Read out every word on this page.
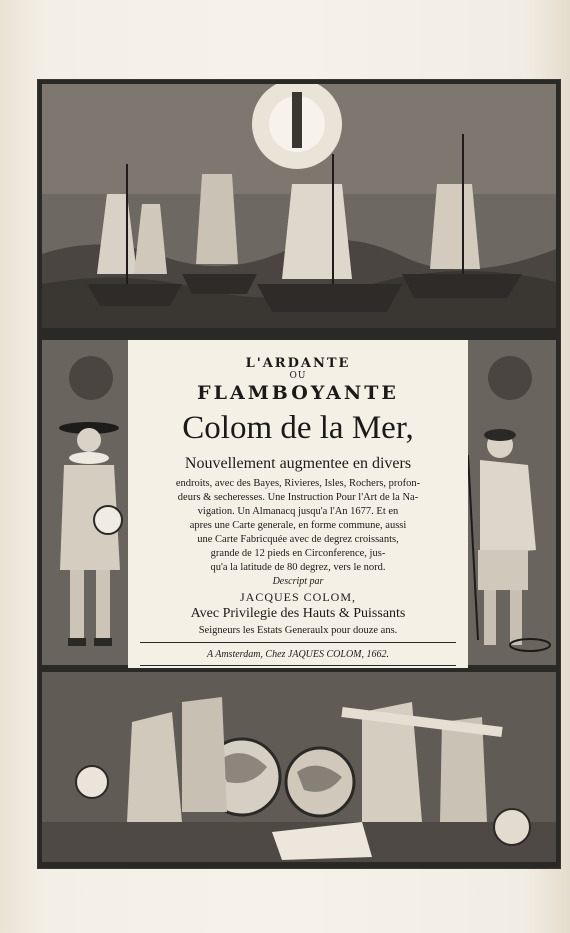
L'ARDANTE
OU
FLAMBOYANTE
Colom de la Mer,
Nouvellement augmentee en divers
endroits, avec des Bayes, Rivieres, Isles, Rochers, profon-
deurs & secheresses. Une Instruction Pour l'Art de la Na-
vigation. Un Almanacq jusqu'a l'An 1677. Et en
apres une Carte generale, en forme commune, aussi
une Carte Fabricquée avec de degrez croissants,
grande de 12 pieds en Circonference, jus-
qu'a la latitude de 80 degrez, vers le nord.
Descript par
JACQUES COLOM,
Avec Privilegie des Hauts & Puissants
Seigneurs les Estats Generaulx pour douze ans.
A Amsterdam, Chez JAQUES COLOM, 1662.
